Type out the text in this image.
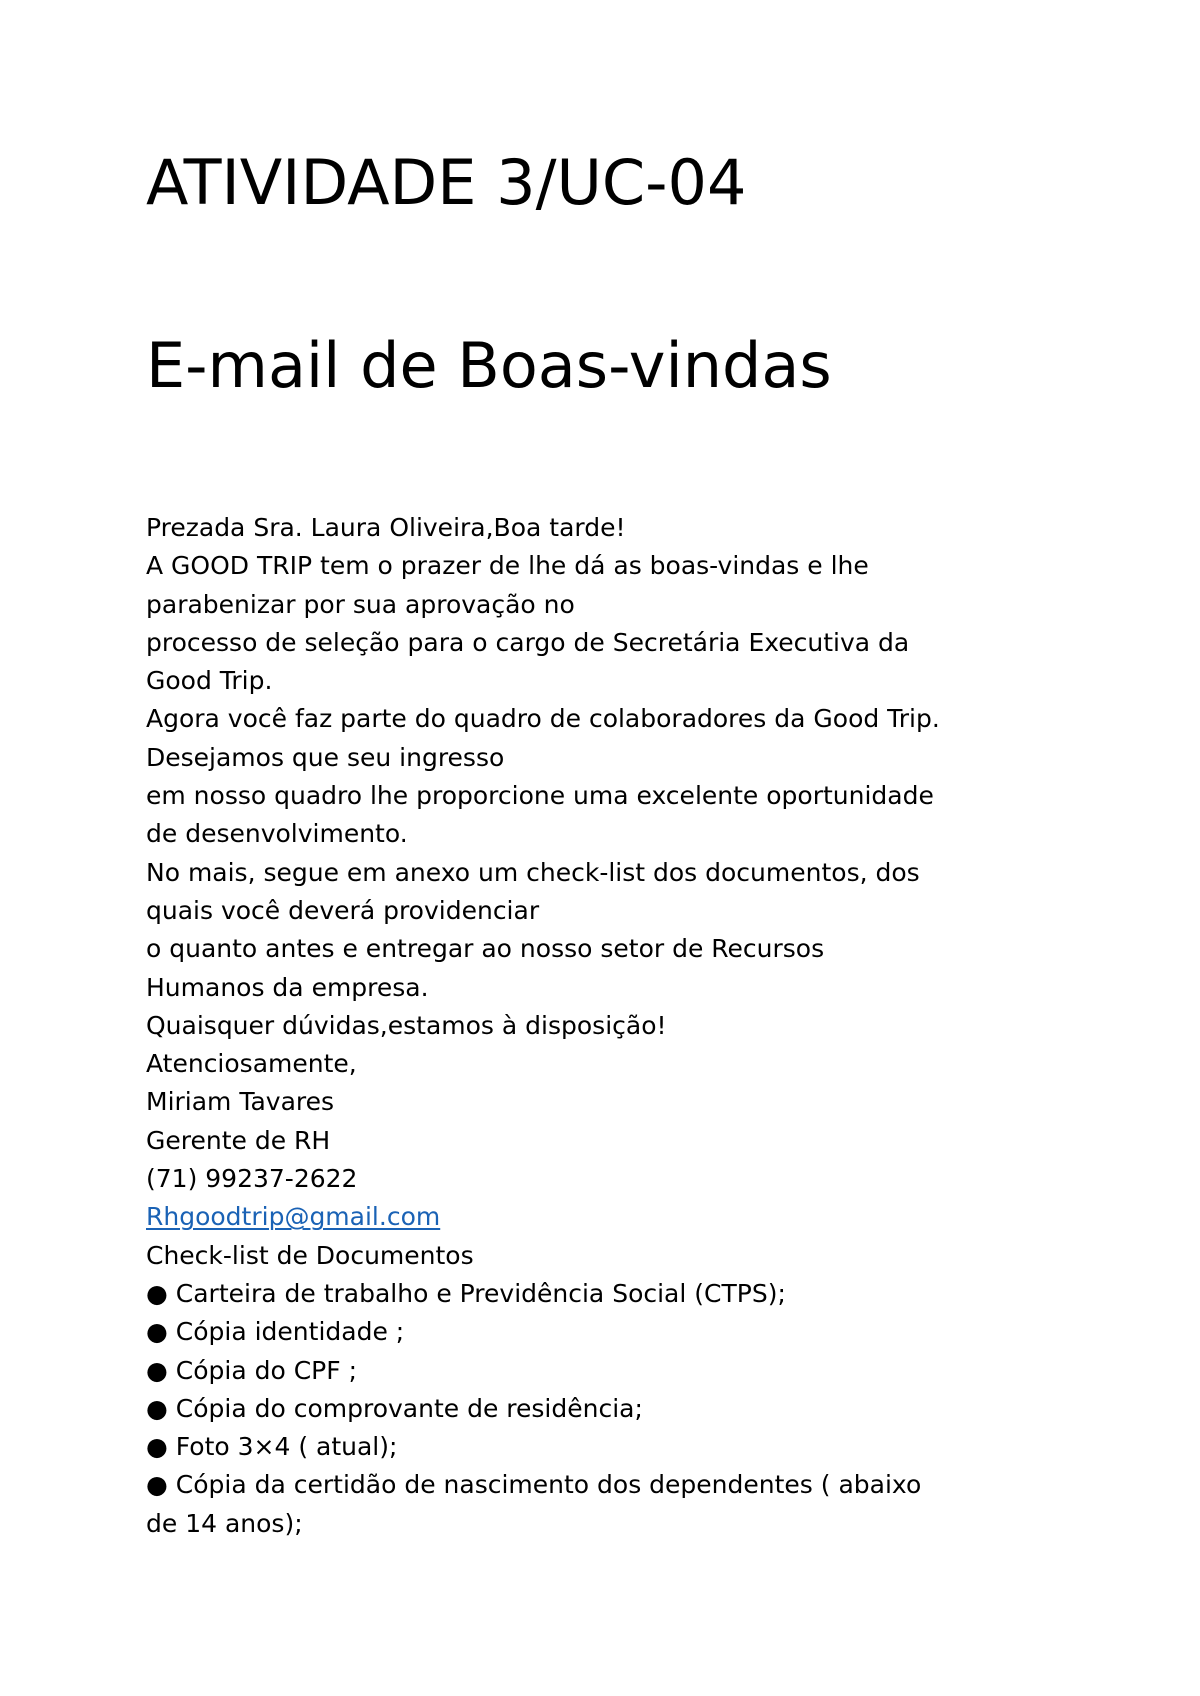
ATIVIDADE 3/UC-04
E-mail de Boas-vindas
Prezada Sra. Laura Oliveira,Boa tarde!
A GOOD TRIP tem o prazer de lhe dá as boas-vindas e lhe
parabenizar por sua aprovação no
processo de seleção para o cargo de Secretária Executiva da
Good Trip.
Agora você faz parte do quadro de colaboradores da Good Trip.
Desejamos que seu ingresso
em nosso quadro lhe proporcione uma excelente oportunidade
de desenvolvimento.
No mais, segue em anexo um check-list dos documentos, dos
quais você deverá providenciar
o quanto antes e entregar ao nosso setor de Recursos
Humanos da empresa.
Quaisquer dúvidas,estamos à disposição!
Atenciosamente,
Miriam Tavares
Gerente de RH
(71) 99237-2622
Rhgoodtrip@gmail.com
Check-list de Documentos
● Carteira de trabalho e Previdência Social (CTPS);
● Cópia identidade ;
● Cópia do CPF ;
● Cópia do comprovante de residência;
● Foto 3×4 ( atual);
● Cópia da certidão de nascimento dos dependentes ( abaixo
de 14 anos);
